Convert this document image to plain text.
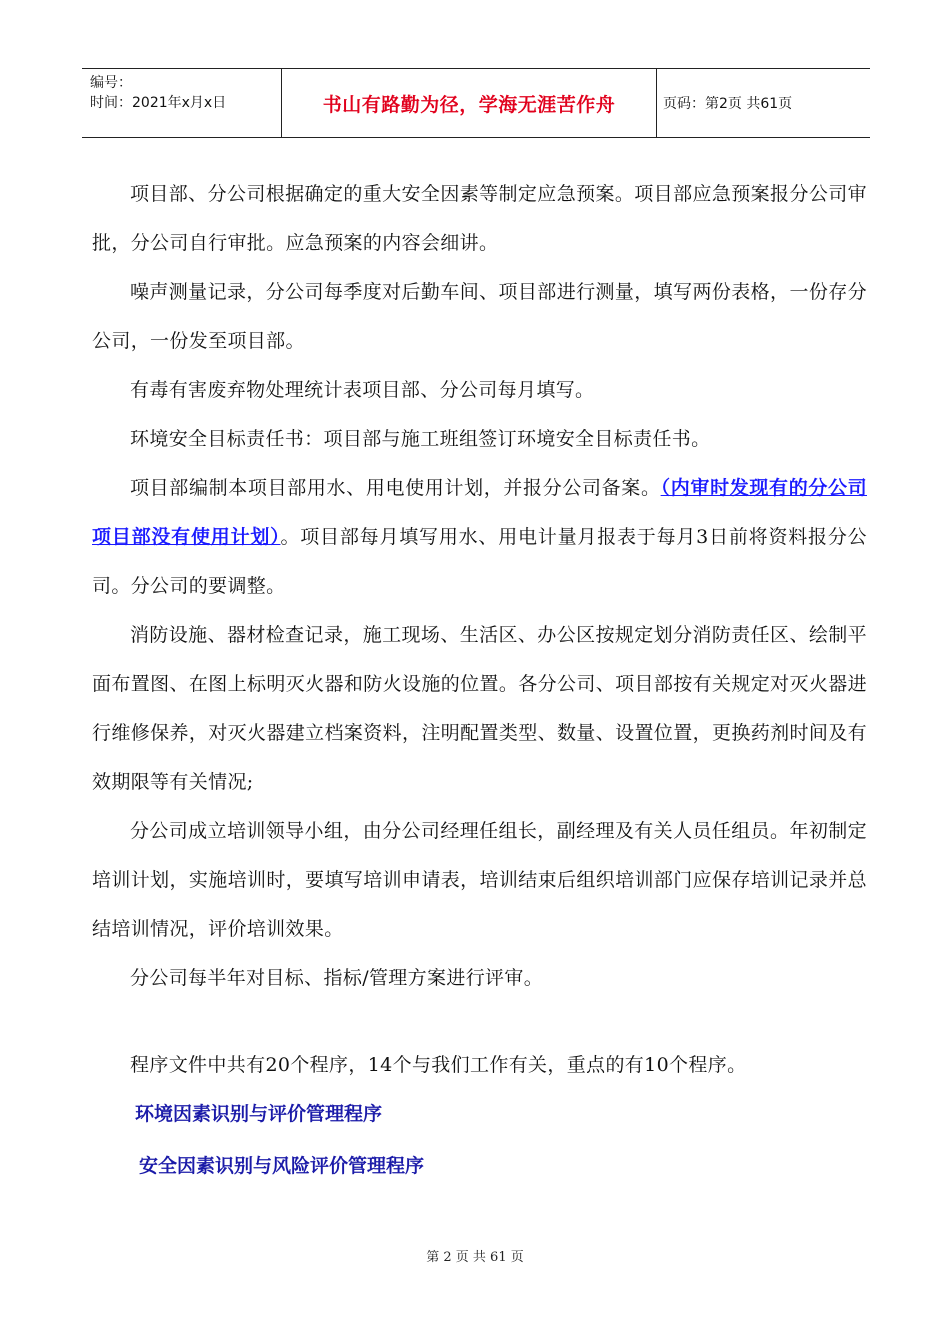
编号：
时间：2021年x月x日	书山有路勤为径，学海无涯苦作舟	页码：第2页 共61页

项目部、分公司根据确定的重大安全因素等制定应急预案。项目部应急预案报分公司审批，分公司自行审批。应急预案的内容会细讲。

噪声测量记录，分公司每季度对后勤车间、项目部进行测量，填写两份表格，一份存分公司，一份发至项目部。

有毒有害废弃物处理统计表项目部、分公司每月填写。

环境安全目标责任书：项目部与施工班组签订环境安全目标责任书。

项目部编制本项目部用水、用电使用计划，并报分公司备案。（内审时发现有的分公司项目部没有使用计划）。项目部每月填写用水、用电计量月报表于每月3日前将资料报分公司。分公司的要调整。

消防设施、器材检查记录，施工现场、生活区、办公区按规定划分消防责任区、绘制平面布置图、在图上标明灭火器和防火设施的位置。各分公司、项目部按有关规定对灭火器进行维修保养，对灭火器建立档案资料，注明配置类型、数量、设置位置，更换药剂时间及有效期限等有关情况;

分公司成立培训领导小组，由分公司经理任组长，副经理及有关人员任组员。年初制定培训计划，实施培训时，要填写培训申请表，培训结束后组织培训部门应保存培训记录并总结培训情况，评价培训效果。

分公司每半年对目标、指标/管理方案进行评审。

程序文件中共有20个程序，14个与我们工作有关，重点的有10个程序。

环境因素识别与评价管理程序

安全因素识别与风险评价管理程序

第 2 页 共 61 页
